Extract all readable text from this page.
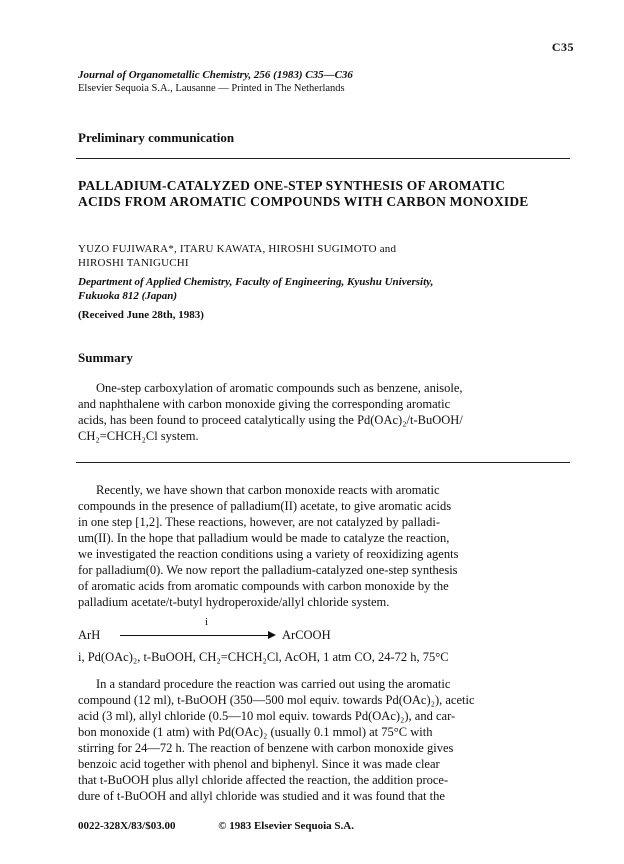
C35
Journal of Organometallic Chemistry, 256 (1983) C35—C36
Elsevier Sequoia S.A., Lausanne — Printed in The Netherlands
Preliminary communication
PALLADIUM-CATALYZED ONE-STEP SYNTHESIS OF AROMATIC
ACIDS FROM AROMATIC COMPOUNDS WITH CARBON MONOXIDE
YUZO FUJIWARA*, ITARU KAWATA, HIROSHI SUGIMOTO and
HIROSHI TANIGUCHI
Department of Applied Chemistry, Faculty of Engineering, Kyushu University,
Fukuoka 812 (Japan)
(Received June 28th, 1983)
Summary
One-step carboxylation of aromatic compounds such as benzene, anisole,
and naphthalene with carbon monoxide giving the corresponding aromatic
acids, has been found to proceed catalytically using the Pd(OAc)₂/t-BuOOH/
CH₂=CHCH₂Cl system.
Recently, we have shown that carbon monoxide reacts with aromatic
compounds in the presence of palladium(II) acetate, to give aromatic acids
in one step [1,2]. These reactions, however, are not catalyzed by palladi-
um(II). In the hope that palladium would be made to catalyze the reaction,
we investigated the reaction conditions using a variety of reoxidizing agents
for palladium(0). We now report the palladium-catalyzed one-step synthesis
of aromatic acids from aromatic compounds with carbon monoxide by the
palladium acetate/t-butyl hydroperoxide/allyl chloride system.
ArH
i
ArCOOH
i, Pd(OAc)₂, t-BuOOH, CH₂=CHCH₂Cl, AcOH, 1 atm CO, 24-72 h, 75°C
In a standard procedure the reaction was carried out using the aromatic
compound (12 ml), t-BuOOH (350—500 mol equiv. towards Pd(OAc)₂), acetic
acid (3 ml), allyl chloride (0.5—10 mol equiv. towards Pd(OAc)₂), and car-
bon monoxide (1 atm) with Pd(OAc)₂ (usually 0.1 mmol) at 75°C with
stirring for 24—72 h. The reaction of benzene with carbon monoxide gives
benzoic acid together with phenol and biphenyl. Since it was made clear
that t-BuOOH plus allyl chloride affected the reaction, the addition proce-
dure of t-BuOOH and allyl chloride was studied and it was found that the
0022-328X/83/$03.00	© 1983 Elsevier Sequoia S.A.
